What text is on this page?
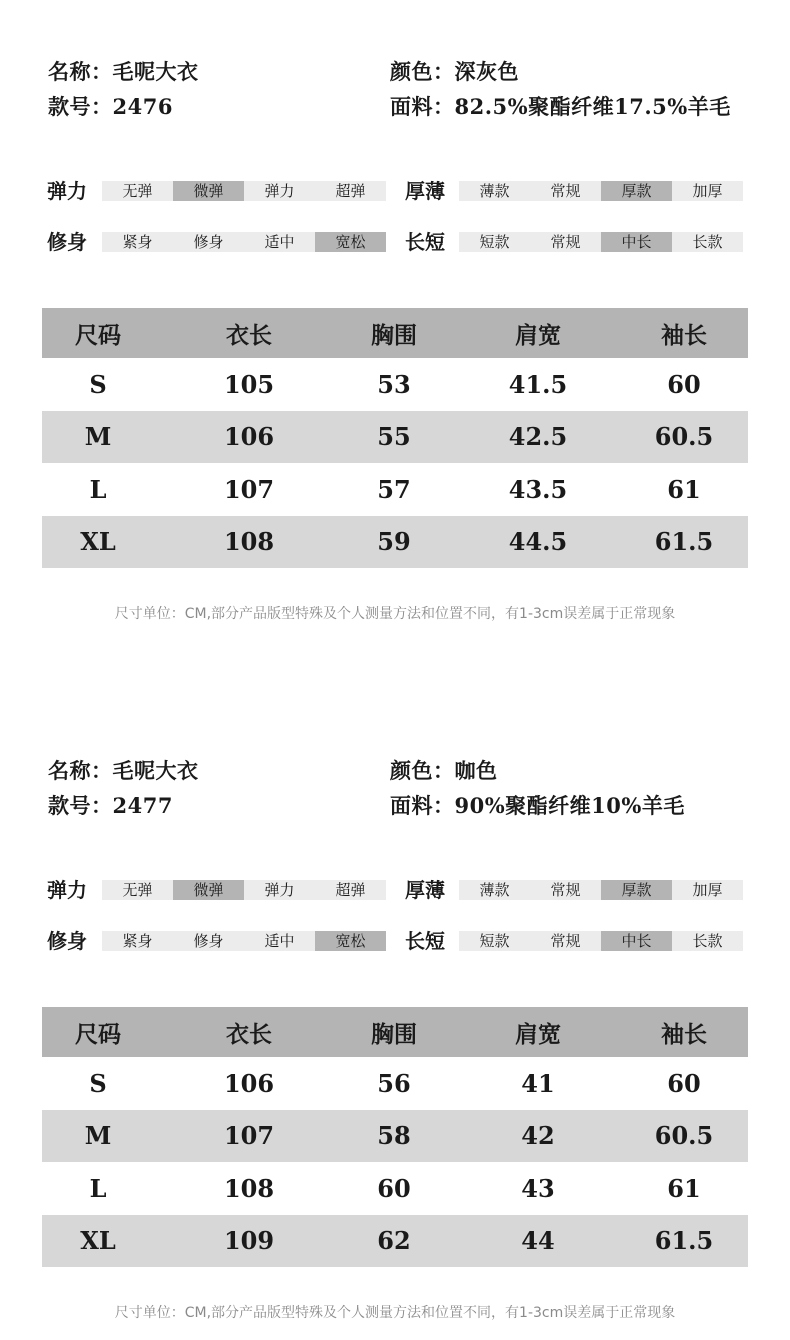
名称：毛呢大衣	颜色：深灰色
款号：2476	面料：82.5%聚酯纤维17.5%羊毛
弹力	无弹	微弹	弹力	超弹	厚薄	薄款	常规	厚款	加厚
修身	紧身	修身	适中	宽松	长短	短款	常规	中长	长款
尺码	衣长	胸围	肩宽	袖长
S	105	53	41.5	60
M	106	55	42.5	60.5
L	107	57	43.5	61
XL	108	59	44.5	61.5
尺寸单位：CM,部分产品版型特殊及个人测量方法和位置不同，有1-3cm误差属于正常现象
名称：毛呢大衣	颜色：咖色
款号：2477	面料：90%聚酯纤维10%羊毛
弹力	无弹	微弹	弹力	超弹	厚薄	薄款	常规	厚款	加厚
修身	紧身	修身	适中	宽松	长短	短款	常规	中长	长款
尺码	衣长	胸围	肩宽	袖长
S	106	56	41	60
M	107	58	42	60.5
L	108	60	43	61
XL	109	62	44	61.5
尺寸单位：CM,部分产品版型特殊及个人测量方法和位置不同，有1-3cm误差属于正常现象
